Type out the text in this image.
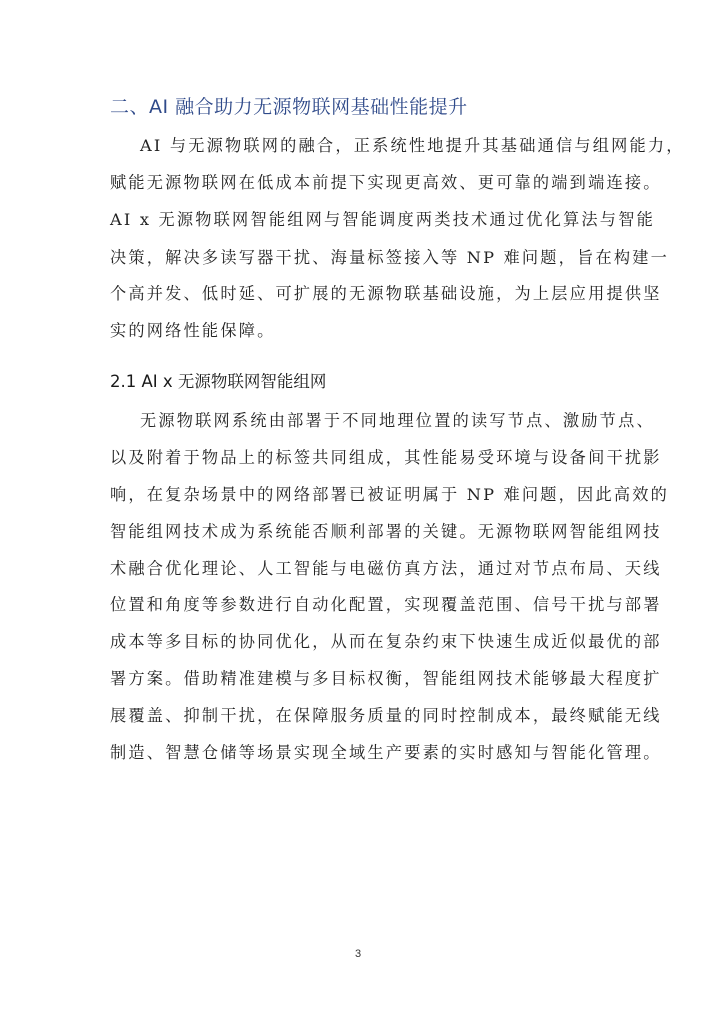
二、AI 融合助力无源物联网基础性能提升
AI 与无源物联网的融合，正系统性地提升其基础通信与组网能力，
赋能无源物联网在低成本前提下实现更高效、更可靠的端到端连接。
AI x 无源物联网智能组网与智能调度两类技术通过优化算法与智能
决策，解决多读写器干扰、海量标签接入等 NP 难问题，旨在构建一
个高并发、低时延、可扩展的无源物联基础设施，为上层应用提供坚
实的网络性能保障。
2.1 AI x 无源物联网智能组网
无源物联网系统由部署于不同地理位置的读写节点、激励节点、
以及附着于物品上的标签共同组成，其性能易受环境与设备间干扰影
响，在复杂场景中的网络部署已被证明属于 NP 难问题，因此高效的
智能组网技术成为系统能否顺利部署的关键。无源物联网智能组网技
术融合优化理论、人工智能与电磁仿真方法，通过对节点布局、天线
位置和角度等参数进行自动化配置，实现覆盖范围、信号干扰与部署
成本等多目标的协同优化，从而在复杂约束下快速生成近似最优的部
署方案。借助精准建模与多目标权衡，智能组网技术能够最大程度扩
展覆盖、抑制干扰，在保障服务质量的同时控制成本，最终赋能无线
制造、智慧仓储等场景实现全域生产要素的实时感知与智能化管理。
3
